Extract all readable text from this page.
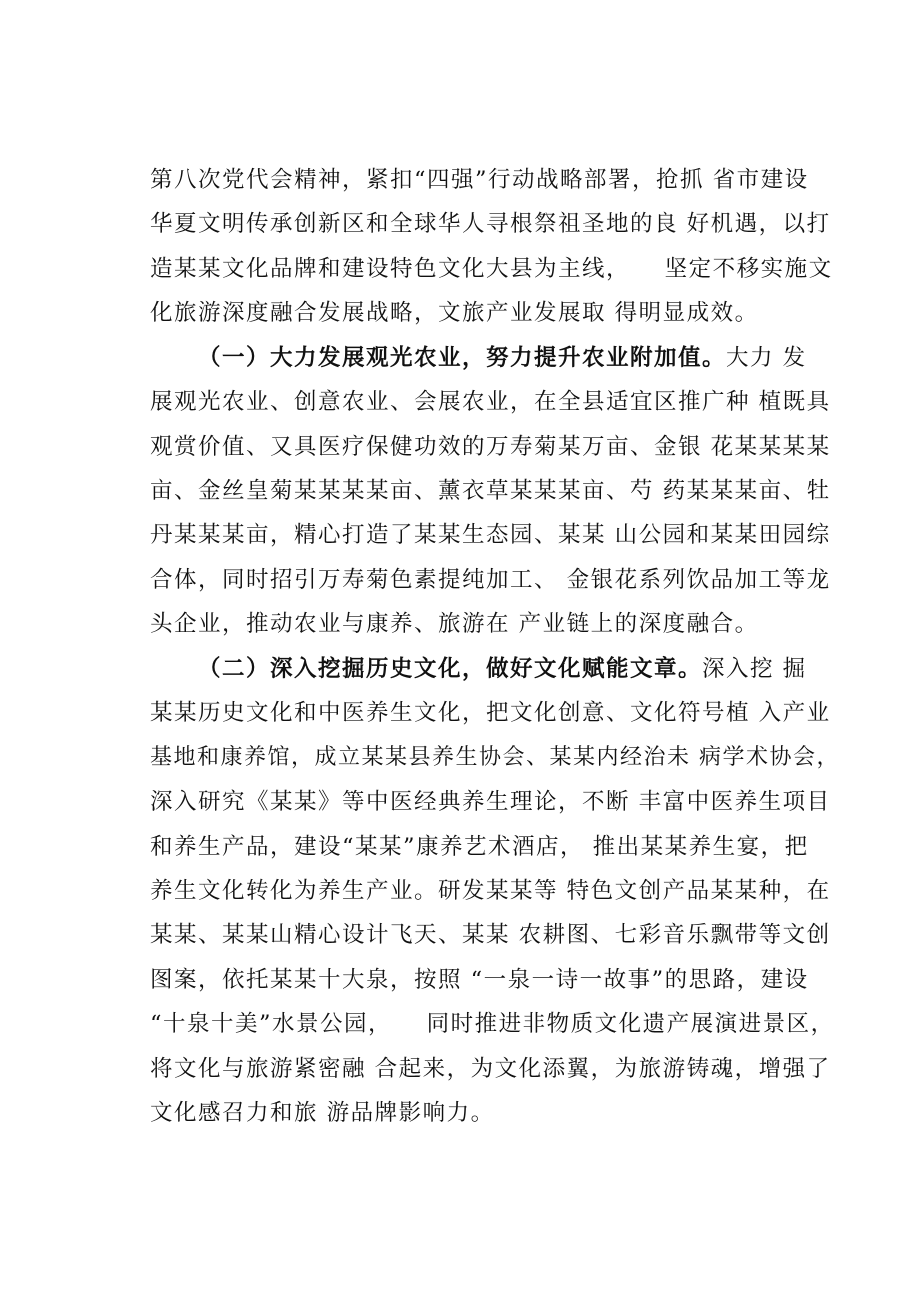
第八次党代会精神，紧扣“四强”行动战略部署，抢抓 省市建设
华夏文明传承创新区和全球华人寻根祭祖圣地的良 好机遇，以打
造某某文化品牌和建设特色文化大县为主线，    坚定不移实施文
化旅游深度融合发展战略，文旅产业发展取 得明显成效。
（一）大力发展观光农业，努力提升农业附加值。大力 发
展观光农业、创意农业、会展农业，在全县适宜区推广种 植既具
观赏价值、又具医疗保健功效的万寿菊某万亩、金银 花某某某某
亩、金丝皇菊某某某某亩、薰衣草某某某亩、芍 药某某某亩、牡
丹某某某亩，精心打造了某某生态园、某某 山公园和某某田园综
合体，同时招引万寿菊色素提纯加工、 金银花系列饮品加工等龙
头企业，推动农业与康养、旅游在 产业链上的深度融合。
（二）深入挖掘历史文化，做好文化赋能文章。深入挖 掘
某某历史文化和中医养生文化，把文化创意、文化符号植 入产业
基地和康养馆，成立某某县养生协会、某某内经治未 病学术协会，
深入研究《某某》等中医经典养生理论，不断 丰富中医养生项目
和养生产品，建设“某某”康养艺术酒店， 推出某某养生宴，把
养生文化转化为养生产业。研发某某等 特色文创产品某某种，在
某某、某某山精心设计飞天、某某 农耕图、七彩音乐飘带等文创
图案，依托某某十大泉，按照 “一泉一诗一故事”的思路，建设
“十泉十美”水景公园，    同时推进非物质文化遗产展演进景区，
将文化与旅游紧密融 合起来，为文化添翼，为旅游铸魂，增强了
文化感召力和旅 游品牌影响力。
